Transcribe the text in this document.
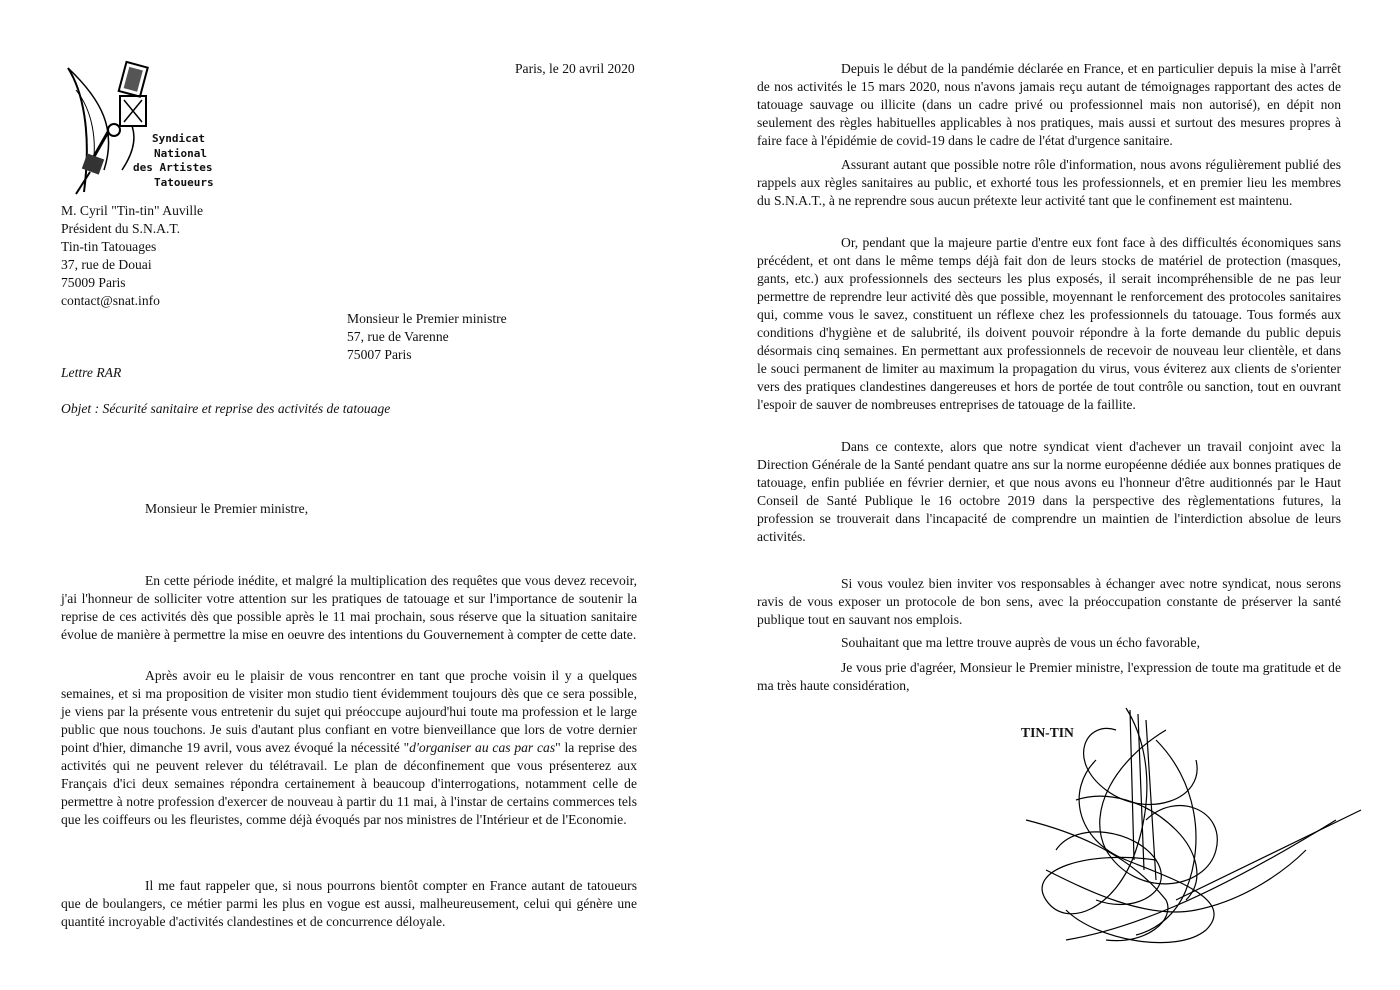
Syndicat
National
des Artistes
Tatoueurs
Paris, le 20 avril 2020
M. Cyril "Tin-tin" Auville
Président du S.N.A.T.
Tin-tin Tatouages
37, rue de Douai
75009 Paris
contact@snat.info
Monsieur le Premier ministre
57, rue de Varenne
75007 Paris
Lettre RAR
Objet : Sécurité sanitaire et reprise des activités de tatouage
Monsieur le Premier ministre,

En cette période inédite, et malgré la multiplication des requêtes que vous devez recevoir, j'ai l'honneur de solliciter votre attention sur les pratiques de tatouage et sur l'importance de soutenir la reprise de ces activités dès que possible après le 11 mai prochain, sous réserve que la situation sanitaire évolue de manière à permettre la mise en oeuvre des intentions du Gouvernement à compter de cette date.

Après avoir eu le plaisir de vous rencontrer en tant que proche voisin il y a quelques semaines, et si ma proposition de visiter mon studio tient évidemment toujours dès que ce sera possible, je viens par la présente vous entretenir du sujet qui préoccupe aujourd'hui toute ma profession et le large public que nous touchons. Je suis d'autant plus confiant en votre bienveillance que lors de votre dernier point d'hier, dimanche 19 avril, vous avez évoqué la nécessité "d'organiser au cas par cas" la reprise des activités qui ne peuvent relever du télétravail. Le plan de déconfinement que vous présenterez aux Français d'ici deux semaines répondra certainement à beaucoup d'interrogations, notamment celle de permettre à notre profession d'exercer de nouveau à partir du 11 mai, à l'instar de certains commerces tels que les coiffeurs ou les fleuristes, comme déjà évoqués par nos ministres de l'Intérieur et de l'Economie.

Il me faut rappeler que, si nous pourrons bientôt compter en France autant de tatoueurs que de boulangers, ce métier parmi les plus en vogue est aussi, malheureusement, celui qui génère une quantité incroyable d'activités clandestines et de concurrence déloyale.

Depuis le début de la pandémie déclarée en France, et en particulier depuis la mise à l'arrêt de nos activités le 15 mars 2020, nous n'avons jamais reçu autant de témoignages rapportant des actes de tatouage sauvage ou illicite (dans un cadre privé ou professionnel mais non autorisé), en dépit non seulement des règles habituelles applicables à nos pratiques, mais aussi et surtout des mesures propres à faire face à l'épidémie de covid-19 dans le cadre de l'état d'urgence sanitaire.

Assurant autant que possible notre rôle d'information, nous avons régulièrement publié des rappels aux règles sanitaires au public, et exhorté tous les professionnels, et en premier lieu les membres du S.N.A.T., à ne reprendre sous aucun prétexte leur activité tant que le confinement est maintenu.

Or, pendant que la majeure partie d'entre eux font face à des difficultés économiques sans précédent, et ont dans le même temps déjà fait don de leurs stocks de matériel de protection (masques, gants, etc.) aux professionnels des secteurs les plus exposés, il serait incompréhensible de ne pas leur permettre de reprendre leur activité dès que possible, moyennant le renforcement des protocoles sanitaires qui, comme vous le savez, constituent un réflexe chez les professionnels du tatouage. Tous formés aux conditions d'hygiène et de salubrité, ils doivent pouvoir répondre à la forte demande du public depuis désormais cinq semaines. En permettant aux professionnels de recevoir de nouveau leur clientèle, et dans le souci permanent de limiter au maximum la propagation du virus, vous éviterez aux clients de s'orienter vers des pratiques clandestines dangereuses et hors de portée de tout contrôle ou sanction, tout en ouvrant l'espoir de sauver de nombreuses entreprises de tatouage de la faillite.

Dans ce contexte, alors que notre syndicat vient d'achever un travail conjoint avec la Direction Générale de la Santé pendant quatre ans sur la norme européenne dédiée aux bonnes pratiques de tatouage, enfin publiée en février dernier, et que nous avons eu l'honneur d'être auditionnés par le Haut Conseil de Santé Publique le 16 octobre 2019 dans la perspective des règlementations futures, la profession se trouverait dans l'incapacité de comprendre un maintien de l'interdiction absolue de leurs activités.

Si vous voulez bien inviter vos responsables à échanger avec notre syndicat, nous serons ravis de vous exposer un protocole de bon sens, avec la préoccupation constante de préserver la santé publique tout en sauvant nos emplois.

Souhaitant que ma lettre trouve auprès de vous un écho favorable,

Je vous prie d'agréer, Monsieur le Premier ministre, l'expression de toute ma gratitude et de ma très haute considération,

TIN-TIN
